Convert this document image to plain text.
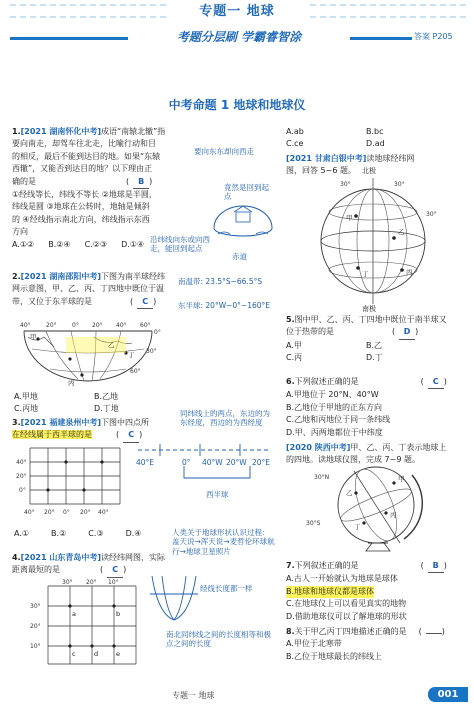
专题一 地球
考题分层刷 学霸睿智涂	答案 P205
中考命题 1 地球和地球仪
1.[2021 湖南怀化中考]成语“南辕北辙”指
要向南走，却驾车往北走，比喻行动和目
的相反，最后不能到达目的地。如果“东辕
西辙”，又能否到达目的地？以下理由正
确的是	( B )
①经线等长，纬线不等长 ②地球是半圆，
纬线是圆 ③地球在公转时，地轴是倾斜
的 ④经线指示南北方向，纬线指示东西
方向
A.①② B.②④ C.②③ D.①④
要向东东却向西走
竟然是回到起点
沿纬线向东或向西走，能回到起点
赤道
2.[2021 湖南邵阳中考]下图为南半球经纬
网示意图，甲、乙、丙、丁四地中既位于温
带，又位于东半球的是	( C )
南温带: 23.5°S~66.5°S
东半球: 20°W~0°~160°E
40°	20°	0° 20° 40° 60°
0°
30°
60°
甲
乙
丙
丁
A.甲地	B.乙地
C.丙地	D.丁地
3.[2021 福建泉州中考]下图中四点所
在经线属于西半球的是	( C )
40°
20°
0°
40° 20° 0° 20° 40°
同纬线上的两点，东边的为东经度，西边的为西经度
40°E	0° 40°W 20°W 20°E
西半球
A.①	B.②	C.③	D.④	人类关于地球形状认识过程：盖天说→浑天说→麦哲伦环球航行→地球卫星照片
4.[2021 山东青岛中考]读经纬网图，实际
距离最短的是	( C )
a	b
c	d	e
30° 20° 10°
30°
20°
10°
经线长度都一样
南北同纬线之间的长度相等和极点之间的长度
A.ab	B.bc
C.ce	D.ad
[2021 甘肃白银中考]读地球经纬网
图，回答 5~6 题。
甲
乙
丙
丁
30°
30°	30°
北极
南极
5.图中甲、乙、丙、丁四地中既位于南半球又
位于热带的是	( D )
A.甲	B.乙
C.丙	D.丁
6.下列叙述正确的是	( C )
A.甲地位于 20°N、40°W
B.乙地位于甲地的正东方向
C.乙地和丙地位于同一条纬线
D.甲、丙两地都位于中纬度
[2020 陕西中考]甲、乙、丙、丁表示地球上
的四地。读地球仪图，完成 7~9 题。
30°N
30°S
甲
乙
丙
丁
7.下列叙述正确的是	( B )
A.古人一开始就认为地球是球体
B.地球和地球仪都是球体
C.在地球仪上可以看见真实的地物
D.借助地球仪可以了解地球的形状
8.关于甲乙丙丁四地描述正确的是 (	)
A.甲位于北寒带
B.乙位于地球最长的纬线上
专题一 地球	001
